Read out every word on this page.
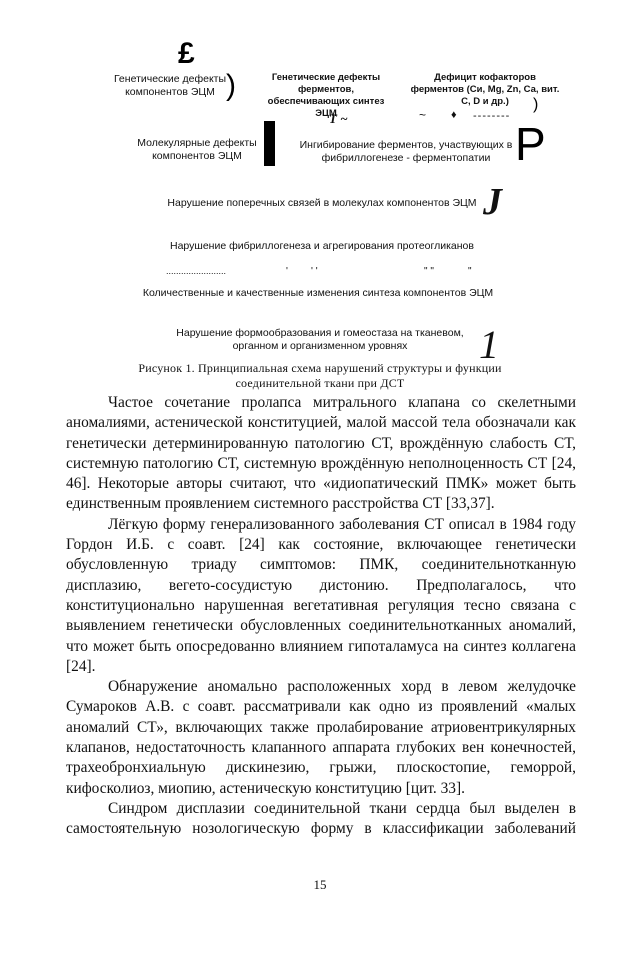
£
Генетические дефекты компонентов ЭЦМ )	Генетические дефекты ферментов, обеспечивающих синтез ЭЦМ
Дефицит кофакторов ферментов (Си, Mg, Zn, Са, вит. С, D и др.)	)
Т ~	~ ♦ --------
Молекулярные дефекты компонентов ЭЦМ
Ингибирование ферментов, участвующих в фибриллогенезе - ферментопатии Р
Нарушение поперечных связей в молекулах компонентов ЭЦМ J
Нарушение фибриллогенеза и агрегирования протеогликанов
........................	' ' '	" "	"
Количественные и качественные изменения синтеза компонентов ЭЦМ
Нарушение формообразования и гомеостаза на тканевом, органном и организменном уровнях	1
Рисунок 1. Принципиальная схема нарушений структуры и функции
соединительной ткани при ДСТ

Частое сочетание пролапса митрального клапана со скелетными аномалиями, астенической конституцией, малой массой тела обозначали как генетически детерминированную патологию СТ, врождённую слабость СТ, системную патологию СТ, системную врождённую неполноценность СТ [24, 46]. Некоторые авторы считают, что «идиопатический ПМК» может быть единственным проявлением системного расстройства СТ [33,37].

Лёгкую форму генерализованного заболевания СТ описал в 1984 году Гордон И.Б. с соавт. [24] как состояние, включающее генетически обусловленную триаду симптомов: ПМК, соединительнотканную дисплазию, вегето-сосудистую дистонию. Предполагалось, что конституционально нарушенная вегетативная регуляция тесно связана с выявлением генетически обусловленных соединительнотканных аномалий, что может быть опосредованно влиянием гипоталамуса на синтез коллагена [24].

Обнаружение аномально расположенных хорд в левом желудочке Сумароков А.В. с соавт. рассматривали как одно из проявлений «малых аномалий СТ», включающих также пролабирование атриовентрикулярных клапанов, недостаточность клапанного аппарата глубоких вен конечностей, трахеобронхиальную дискинезию, грыжи, плоскостопие, геморрой, кифосколиоз, миопию, астеническую конституцию [цит. 33].

Синдром дисплазии соединительной ткани сердца был выделен в самостоятельную нозологическую форму в классификации заболеваний

15
